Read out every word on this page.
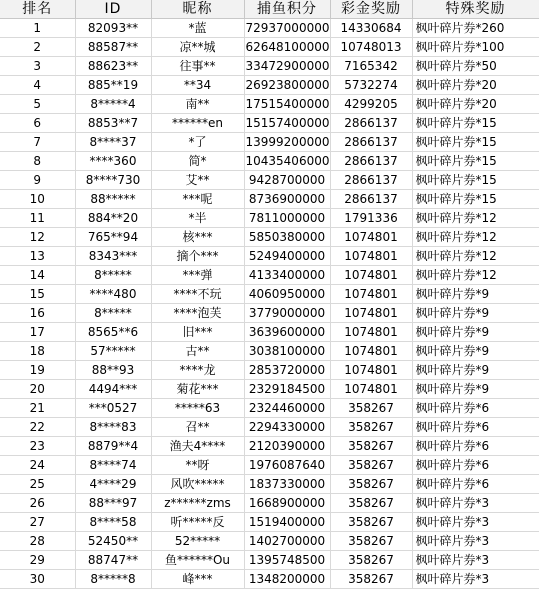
排名	ID	昵称	捕鱼积分	彩金奖励	特殊奖励
1	82093**	*蓝	72937000000	14330684	枫叶碎片券*260
2	88587**	凉**城	62648100000	10748013	枫叶碎片券*100
3	88623**	往事**	33472900000	7165342	枫叶碎片券*50
4	885**19	**34	26923800000	5732274	枫叶碎片券*20
5	8*****4	南**	17515400000	4299205	枫叶碎片券*20
6	8853**7	******en	15157400000	2866137	枫叶碎片券*15
7	8****37	*了	13999200000	2866137	枫叶碎片券*15
8	****360	简*	10435406000	2866137	枫叶碎片券*15
9	8****730	艾**	9428700000	2866137	枫叶碎片券*15
10	88*****	***呢	8736900000	2866137	枫叶碎片券*15
11	884**20	*半	7811000000	1791336	枫叶碎片券*12
12	765**94	核***	5850380000	1074801	枫叶碎片券*12
13	8343***	摘个***	5249400000	1074801	枫叶碎片券*12
14	8*****	***弹	4133400000	1074801	枫叶碎片券*12
15	****480	****不玩	4060950000	1074801	枫叶碎片券*9
16	8*****	****泡芙	3779000000	1074801	枫叶碎片券*9
17	8565**6	旧***	3639600000	1074801	枫叶碎片券*9
18	57*****	古**	3038100000	1074801	枫叶碎片券*9
19	88**93	****龙	2853720000	1074801	枫叶碎片券*9
20	4494***	菊花***	2329184500	1074801	枫叶碎片券*9
21	***0527	*****63	2324460000	358267	枫叶碎片券*6
22	8****83	召**	2294330000	358267	枫叶碎片券*6
23	8879**4	渔夫4****	2120390000	358267	枫叶碎片券*6
24	8****74	**呀	1976087640	358267	枫叶碎片券*6
25	4****29	风吹*****	1837330000	358267	枫叶碎片券*6
26	88***97	z******zms	1668900000	358267	枫叶碎片券*3
27	8****58	听*****反	1519400000	358267	枫叶碎片券*3
28	52450**	52*****	1402700000	358267	枫叶碎片券*3
29	88747**	鱼******Ou	1395748500	358267	枫叶碎片券*3
30	8*****8	峰***	1348200000	358267	枫叶碎片券*3
